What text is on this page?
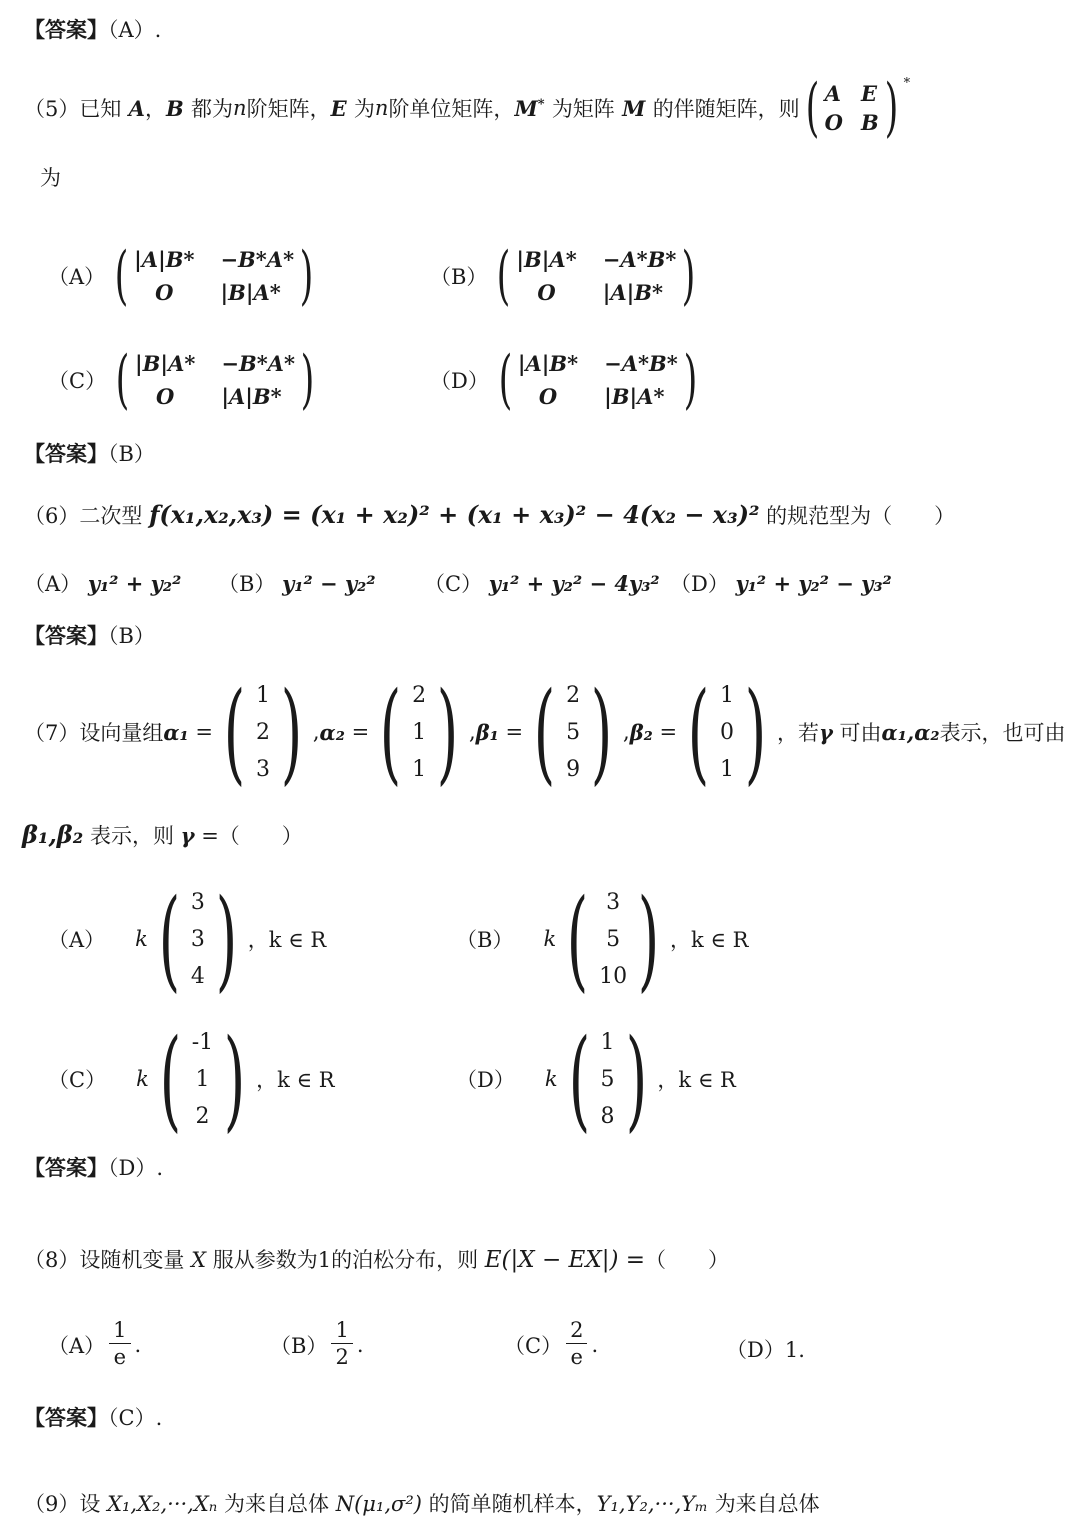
【答案】（A）.
（5）已知 A ， B 都为 n 阶矩阵， E 为 n 阶单位矩阵， M* 为矩阵 M 的伴随矩阵，则 ( A E
O B ) *
为
（A） ( |A|B* −B*A*
O	|B|A* )	（B） ( |B|A* −A*B*
O	|A|B* )
（C） ( |B|A* −B*A*
O	|A|B* )	（D） ( |A|B* −A*B*
O	|B|A* )
【答案】（B）
（6）二次型 f(x₁,x₂,x₃) = (x₁ + x₂)² + (x₁ + x₃)² − 4(x₂ − x₃)² 的规范型为（　　）
（A） y₁² + y₂² （B） y₁² − y₂² （C） y₁² + y₂² − 4y₃² （D） y₁² + y₂² − y₃²
【答案】（B）
（7）设向量组 α₁ = ( 1
2
3 ) , α₂ = ( 2
1
1 ) , β₁ = ( 2
5
9 ) , β₂ = ( 1
0
1 ) ，若 γ
可由 α₁,α₂ 表示，也可由
β₁,β₂ 表示，则 γ =（　　）
（A） k ( 3
3
4 ) ，k ∈ R	（B） k ( 3
5
10 ) ，k ∈ R
（C） k ( -1
1
2 ) ，k ∈ R	（D） k ( 1
5
8 ) ，k ∈ R
【答案】（D）.
（8）设随机变量 X 服从参数为1的泊松分布，则 E(|X − EX|) =（　　）
$(A) \frac{1}{e}$ .	$(B) \frac{1}{2}$ .	$(C) \frac{2}{e}$ .	（D）1.
【答案】（C）.
（9）设 X₁,X₂,···,Xₙ 为来自总体 N(μ₁,σ²) 的简单随机样本，Y₁,Y₂,···,Yₘ 为来自总体
